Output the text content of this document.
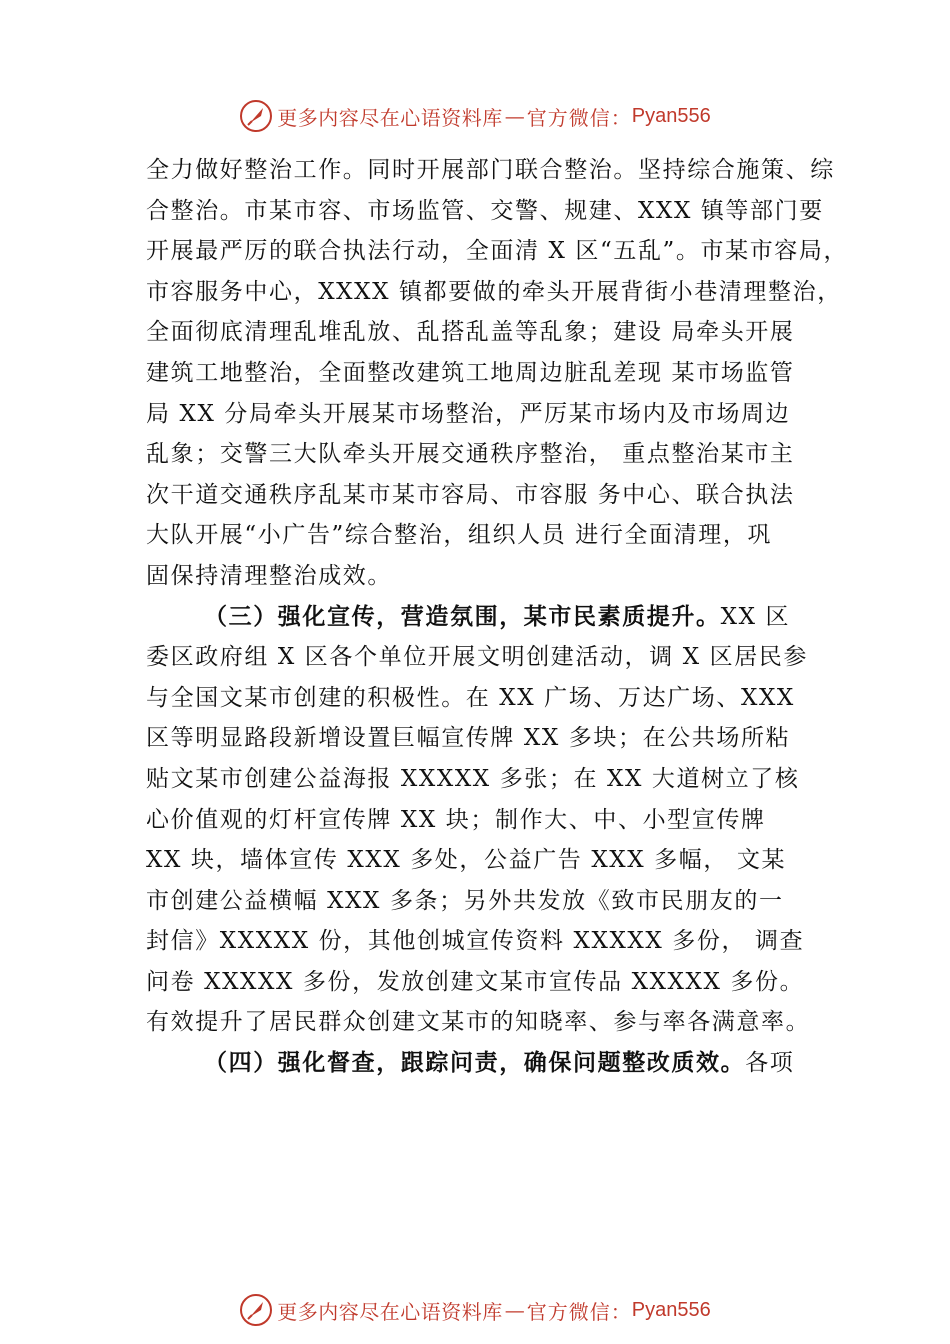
更多内容尽在心语资料库 — 官方微信： Pyan556
全力做好整治工作。同时开展部门联合整治。坚持综合施策、综
合整治。市某市容、市场监管、交警、规建、XXX 镇等部门要
开展最严厉的联合执法行动，全面清 X 区“五乱”。市某市容局，
市容服务中心，XXXX 镇都要做的牵头开展背街小巷清理整治，
全面彻底清理乱堆乱放、乱搭乱盖等乱象；建设 局牵头开展
建筑工地整治，全面整改建筑工地周边脏乱差现 某市场监管
局 XX 分局牵头开展某市场整治，严厉某市场内及市场周边
乱象；交警三大队牵头开展交通秩序整治， 重点整治某市主
次干道交通秩序乱某市某市容局、市容服 务中心、联合执法
大队开展“小广告”综合整治，组织人员 进行全面清理，巩
固保持清理整治成效。
（三）强化宣传，营造氛围，某市民素质提升。XX 区
委区政府组 X 区各个单位开展文明创建活动，调 X 区居民参
与全国文某市创建的积极性。在 XX 广场、万达广场、XXX
区等明显路段新增设置巨幅宣传牌 XX 多块；在公共场所粘
贴文某市创建公益海报 XXXXX 多张；在 XX 大道树立了核
心价值观的灯杆宣传牌 XX 块；制作大、中、小型宣传牌
XX 块，墙体宣传 XXX 多处，公益广告 XXX 多幅， 文某
市创建公益横幅 XXX 多条；另外共发放《致市民朋友的一
封信》XXXXX 份，其他创城宣传资料 XXXXX 多份， 调查
问卷 XXXXX 多份，发放创建文某市宣传品 XXXXX 多份。
有效提升了居民群众创建文某市的知晓率、参与率各满意率。
（四）强化督查，跟踪问责，确保问题整改质效。各项
更多内容尽在心语资料库 — 官方微信： Pyan556
